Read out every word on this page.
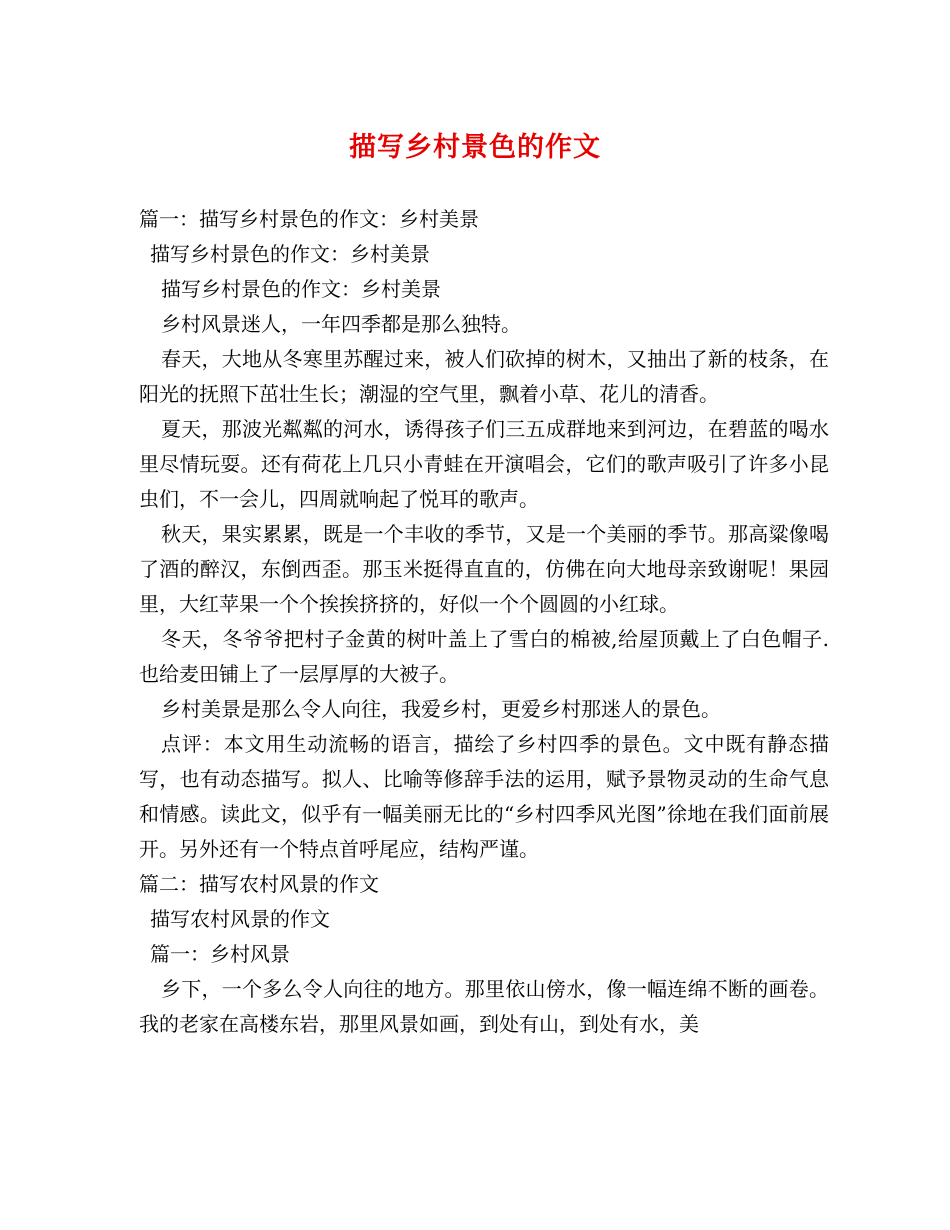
描写乡村景色的作文
篇一：描写乡村景色的作文：乡村美景
描写乡村景色的作文：乡村美景
描写乡村景色的作文：乡村美景
乡村风景迷人，一年四季都是那么独特。
春天，大地从冬寒里苏醒过来，被人们砍掉的树木，又抽出了新的枝条，在阳光的抚照下茁壮生长；潮湿的空气里，飘着小草、花儿的清香。
夏天，那波光粼粼的河水，诱得孩子们三五成群地来到河边，在碧蓝的喝水里尽情玩耍。还有荷花上几只小青蛙在开演唱会，它们的歌声吸引了许多小昆虫们，不一会儿，四周就响起了悦耳的歌声。
秋天，果实累累，既是一个丰收的季节，又是一个美丽的季节。那高粱像喝了酒的醉汉，东倒西歪。那玉米挺得直直的，仿佛在向大地母亲致谢呢！果园里，大红苹果一个个挨挨挤挤的，好似一个个圆圆的小红球。
冬天，冬爷爷把村子金黄的树叶盖上了雪白的棉被,给屋顶戴上了白色帽子.也给麦田铺上了一层厚厚的大被子。
乡村美景是那么令人向往，我爱乡村，更爱乡村那迷人的景色。
点评：本文用生动流畅的语言，描绘了乡村四季的景色。文中既有静态描写，也有动态描写。拟人、比喻等修辞手法的运用，赋予景物灵动的生命气息和情感。读此文，似乎有一幅美丽无比的“乡村四季风光图”徐地在我们面前展开。另外还有一个特点首呼尾应，结构严谨。
篇二：描写农村风景的作文
描写农村风景的作文
篇一：乡村风景
乡下，一个多么令人向往的地方。那里依山傍水，像一幅连绵不断的画卷。我的老家在高楼东岩，那里风景如画，到处有山，到处有水，美
